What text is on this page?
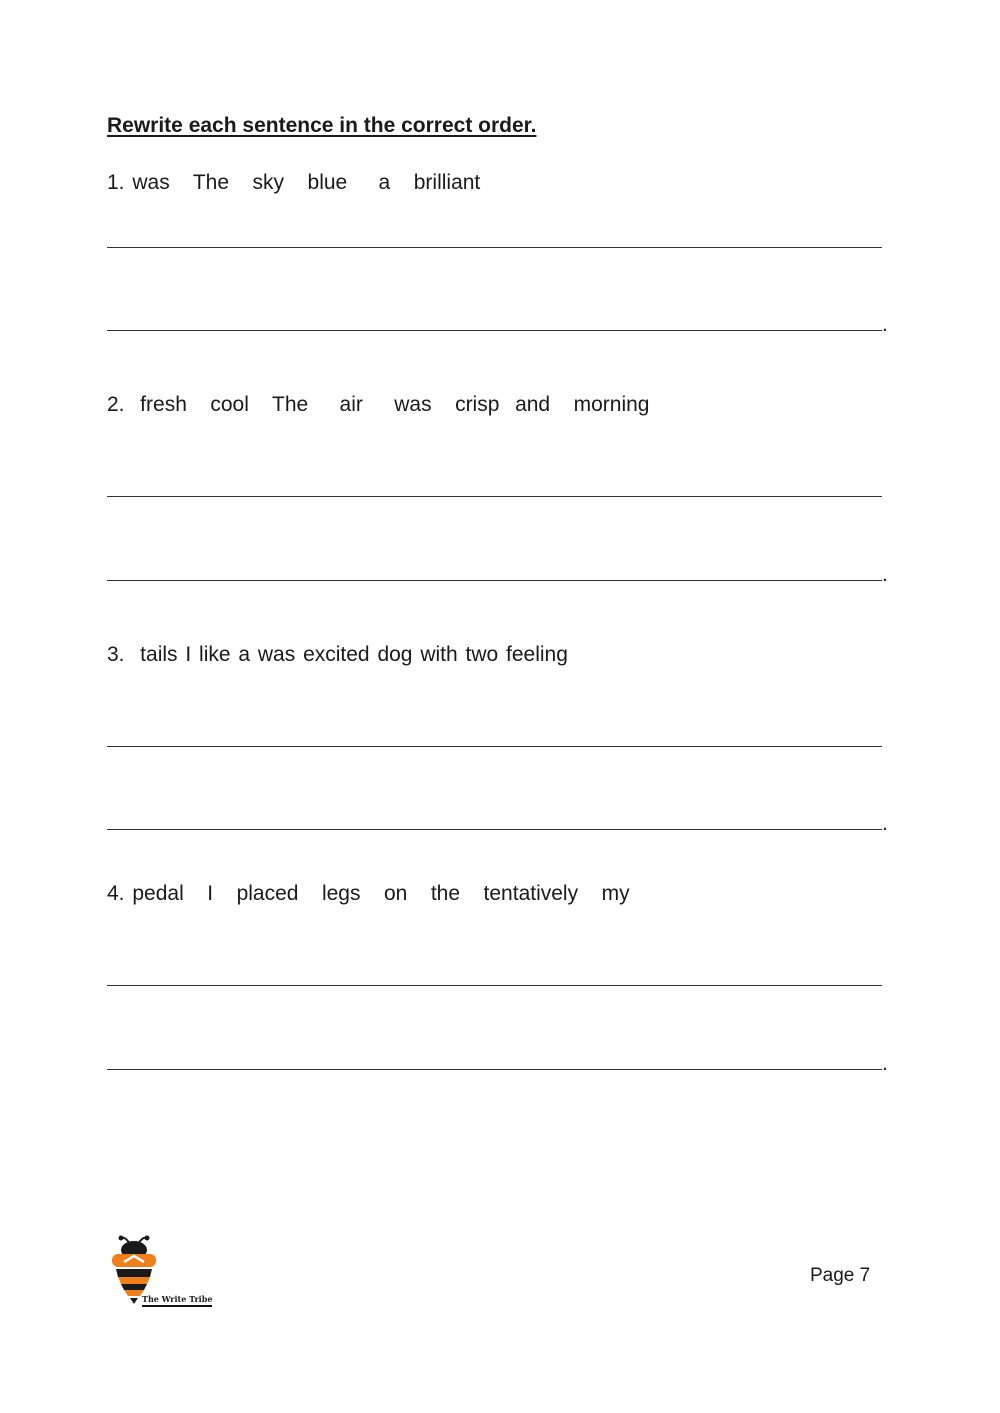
Rewrite each sentence in the correct order.
1. was   The   sky   blue    a   brilliant
.
2.  fresh   cool   The    air    was   crisp  and   morning
.
3.  tails I like a was excited dog with two feeling
.
4. pedal   I   placed   legs   on   the   tentatively   my
.
The Write Tribe
Page 7
